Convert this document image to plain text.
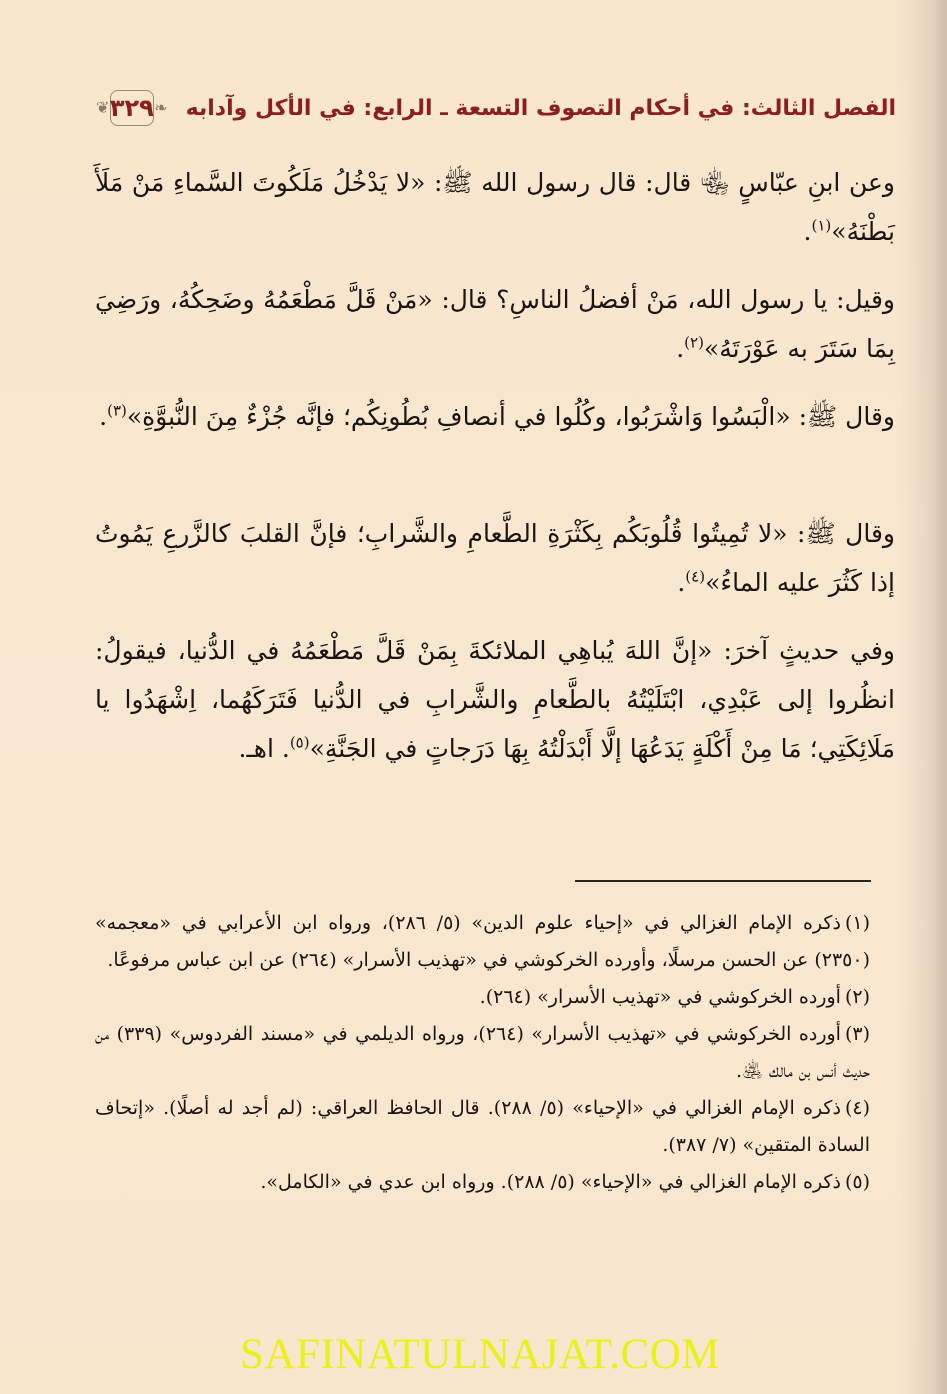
الفصل الثالث: في أحكام التصوف التسعة ـ الرابع: في الأكل وآدابه
❦	❧
٣٢٩

وعن ابنِ عبّاسٍ ﵄ قال: قال رسول الله ﷺ: «لا يَدْخُلُ مَلَكُوتَ السَّماءِ مَنْ مَلَأَ بَطْنَهُ»$^{(١)}$.

وقيل: يا رسول الله، مَنْ أفضلُ الناسِ؟ قال: «مَنْ قَلَّ مَطْعَمُهُ وضَحِكُهُ، ورَضِيَ بِمَا سَتَرَ به عَوْرَتَهُ»$^{(٢)}$.

وقال ﷺ: «الْبَسُوا وَاشْرَبُوا، وكُلُوا في أنصافِ بُطُونِكُم؛ فإنَّه جُزْءٌ مِنَ النُّبوَّةِ»$^{(٣)}$.

وقال ﷺ: «لا تُمِيتُوا قُلُوبَكُم بِكَثْرَةِ الطَّعامِ والشَّرابِ؛ فإنَّ القلبَ كالزَّرعِ يَمُوتُ إذا كَثُرَ عليه الماءُ»$^{(٤)}$.

وفي حديثٍ آخرَ: «إنَّ اللهَ يُباهِي الملائكةَ بِمَنْ قَلَّ مَطْعَمُهُ في الدُّنيا، فيقولُ: انظُروا إلى عَبْدِي، ابْتَلَيْتُهُ بالطَّعامِ والشَّرابِ في الدُّنيا فَتَرَكَهُما، اِشْهَدُوا يا مَلَائِكَتِي؛ مَا مِنْ أَكْلَةٍ يَدَعُهَا إلَّا أَبْدَلْتُهُ بِهَا دَرَجاتٍ في الجَنَّةِ»$^{(٥)}$. اهـ.

(١)ذكره الإمام الغزالي في «إحياء علوم الدين» (٥/ ٢٨٦)، ورواه ابن الأعرابي في «معجمه» (٢٣٥٠) عن الحسن مرسلًا، وأورده الخركوشي في «تهذيب الأسرار» (٢٦٤) عن ابن عباس مرفوعًا.

(٢)أورده الخركوشي في «تهذيب الأسرار» (٢٦٤).

(٣)أورده الخركوشي في «تهذيب الأسرار» (٢٦٤)، ورواه الديلمي في «مسند الفردوس» (٣٣٩) من حديث أنس بن مالك ﵁.

(٤)ذكره الإمام الغزالي في «الإحياء» (٥/ ٢٨٨). قال الحافظ العراقي: (لم أجد له أصلًا). «إتحاف السادة المتقين» (٧/ ٣٨٧).

(٥)ذكره الإمام الغزالي في «الإحياء» (٥/ ٢٨٨). ورواه ابن عدي في «الكامل».

SAFINATULNAJAT.COM
